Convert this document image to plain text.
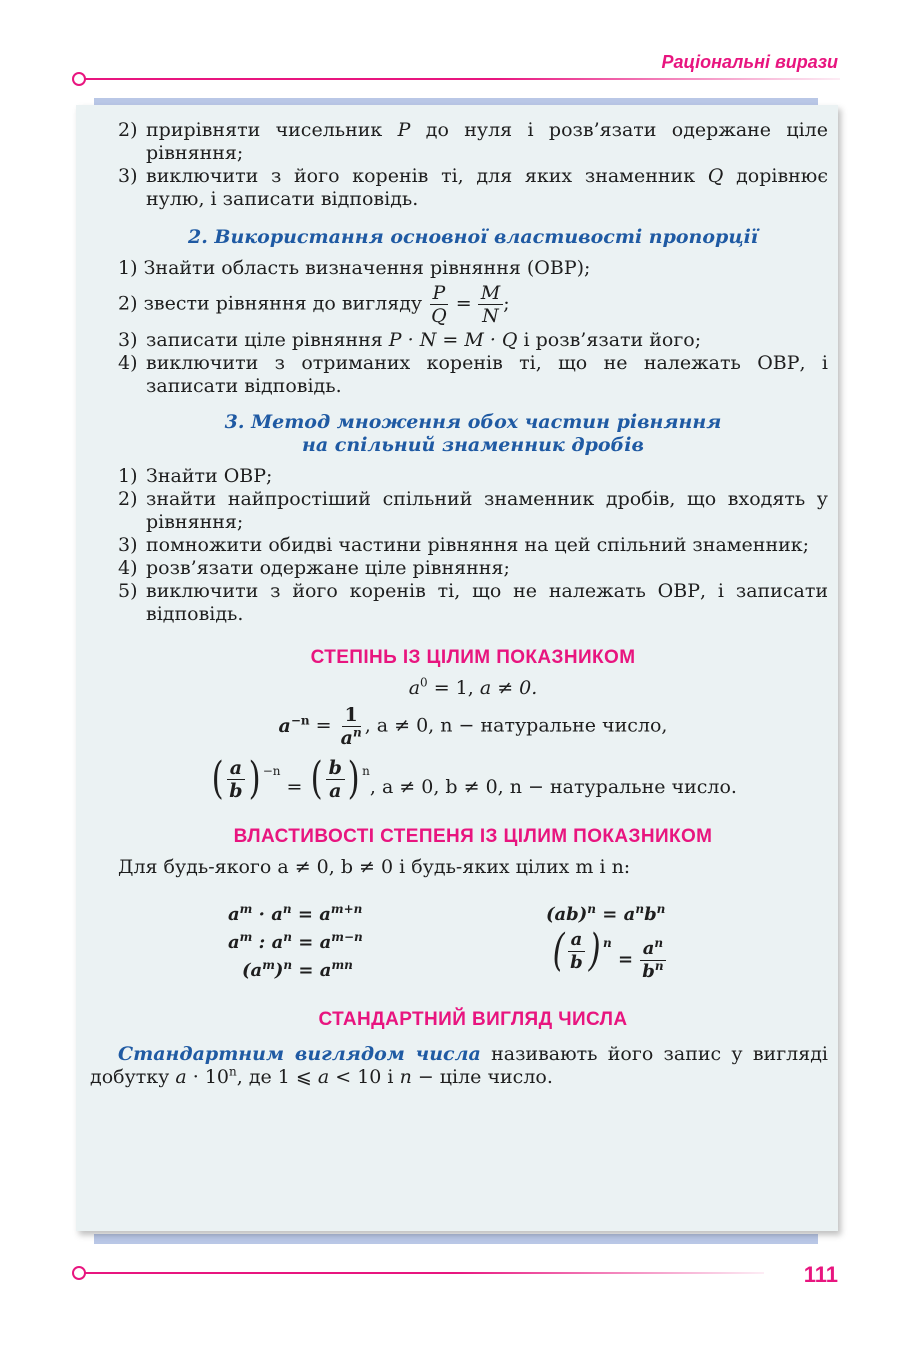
Раціональні вирази
2) прирівняти чисельник P до нуля і розв’язати одержане ціле рівняння;
3) виключити з його коренів ті, для яких знаменник Q дорівнює нулю, і записати відповідь.
2. Використання основної властивості пропорції
1) Знайти область визначення рівняння (ОВР);
2) звести рівняння до вигляду $\frac{P}{Q} = \frac{M}{N}$ ;
3) записати ціле рівняння P · N = M · Q і розв’язати його;
4) виключити з отриманих коренів ті, що не належать ОВР, і записати відповідь.
3. Метод множення обох частин рівняння
на спільний знаменник дробів
1) Знайти ОВР;
2) знайти найпростіший спільний знаменник дробів, що входять у рівняння;
3) помножити обидві частини рівняння на цей спільний знаменник;
4) розв’язати одержане ціле рівняння;
5) виключити з його коренів ті, що не належать ОВР, і записати відповідь.
СТЕПІНЬ ІЗ ЦІЛИМ ПОКАЗНИКОМ
$a^0 = 1$, a ≠ 0.
$a^{-n} = \frac{1}{a^n}$ , a ≠ 0, n − натуральне число,
( $\frac{a}{b}$ ) $^{-n}$ = ( $\frac{b}{a}$ ) $^n$, a ≠ 0, b ≠ 0, n − натуральне число.
ВЛАСТИВОСТІ СТЕПЕНЯ ІЗ ЦІЛИМ ПОКАЗНИКОМ
Для будь-якого a ≠ 0, b ≠ 0 і будь-яких цілих m і n:
$a^m \cdot a^n = a^{m+n}$
$a^m$ : $a^n = a^{m-n}$
$(a^m)^n = a^{mn}$
$(ab)^n = a^nb^n$
( $\frac{a}{b}$ ) $^n = \frac{a^n}{b^n}$
СТАНДАРТНИЙ ВИГЛЯД ЧИСЛА
Стандартним виглядом числа називають його запис у вигляді добутку $a \cdot 10^n$, де 1 ⩽ a < 10 і n − ціле число.
111
